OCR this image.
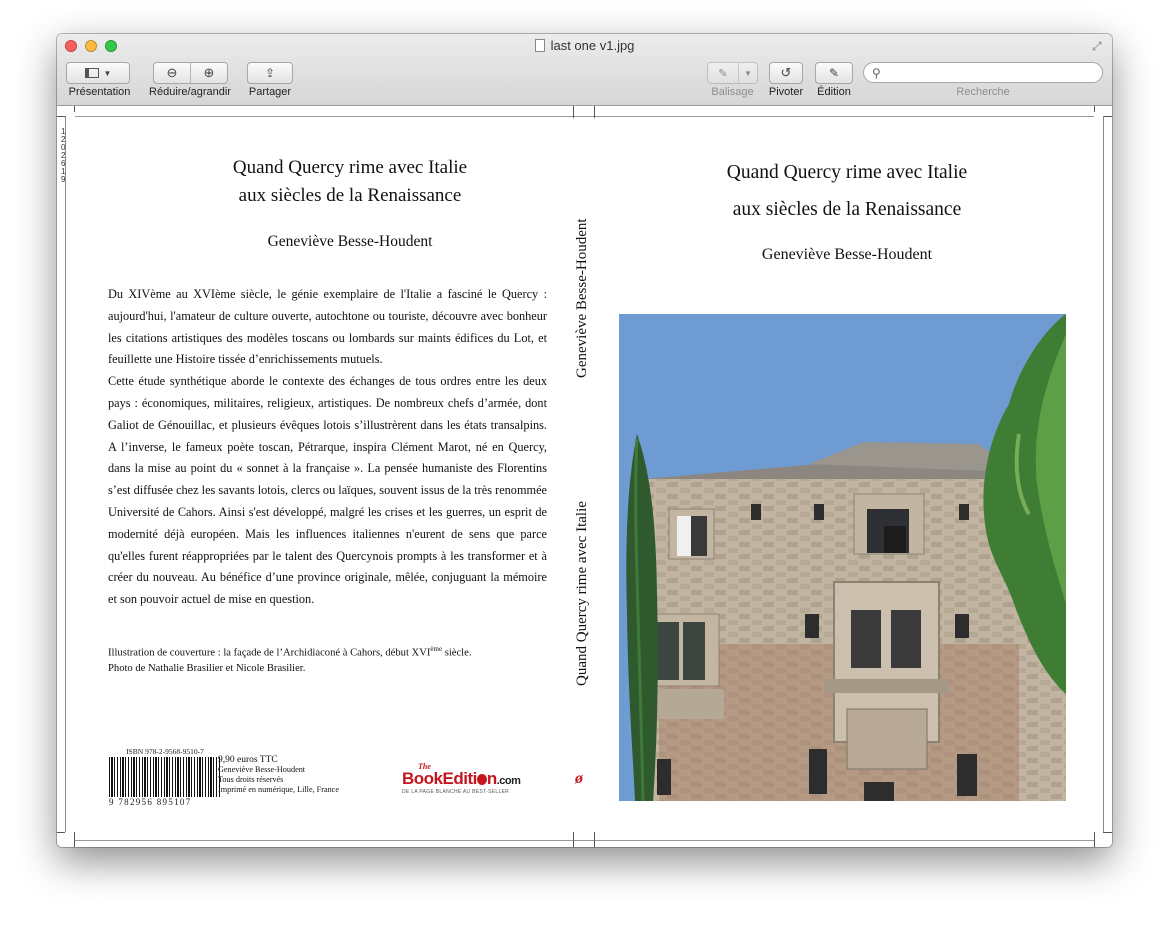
last one v1.jpg	⤢
▼
Présentation
⊖	⊕
Réduire/agrandir
⇪
Partager
✎	▼
Balisage
↺
Pivoter
✎
Édition
⚲
Recherche
1
2
0
2
6
1
9
Quand Quercy rime avec Italie
aux siècles de la Renaissance
Geneviève Besse-Houdent

Du XIVème au XVIème siècle, le génie exemplaire de l'Italie a fasciné le Quercy : aujourd'hui, l'amateur de culture ouverte, autochtone ou touriste, découvre avec bonheur les citations artistiques des modèles toscans ou lombards sur maints édifices du Lot, et feuillette une Histoire tissée d’enrichissements mutuels.

Cette étude synthétique aborde le contexte des échanges de tous ordres entre les deux pays : économiques, militaires, religieux, artistiques. De nombreux chefs d’armée, dont Galiot de Génouillac, et plusieurs évêques lotois s’illustrèrent dans les états transalpins. A l’inverse, le fameux poète toscan, Pétrarque, inspira Clément Marot, né en Quercy, dans la mise au point du « sonnet à la française ». La pensée humaniste des Florentins s’est diffusée chez les savants lotois, clercs ou laïques, souvent issus de la très renommée Université de Cahors. Ainsi s'est développé, malgré les crises et les guerres, un esprit de modernité déjà européen. Mais les influences italiennes n'eurent de sens que parce qu'elles furent réappropriées par le talent des Quercynois prompts à les transformer et à créer du nouveau. Au bénéfice d’une province originale, mêlée, conjuguant la mémoire et son pouvoir actuel de mise en question.

Illustration de couverture : la façade de l’Archidiaconé à Cahors, début XVIème siècle.
Photo de Nathalie Brasilier et Nicole Brasilier.
ISBN 978-2-9568-9510-7
9 782956 895107
9,90 euros TTC
Geneviève Besse-Houdent
Tous droits réservés
Imprimé en numérique, Lille, France
The
BookEditi n.com
DE LA PAGE BLANCHE AU BEST-SELLER
Geneviève Besse-Houdent
Quand Quercy rime avec Italie
ø
Quand Quercy rime avec Italie
aux siècles de la Renaissance
Geneviève Besse-Houdent
